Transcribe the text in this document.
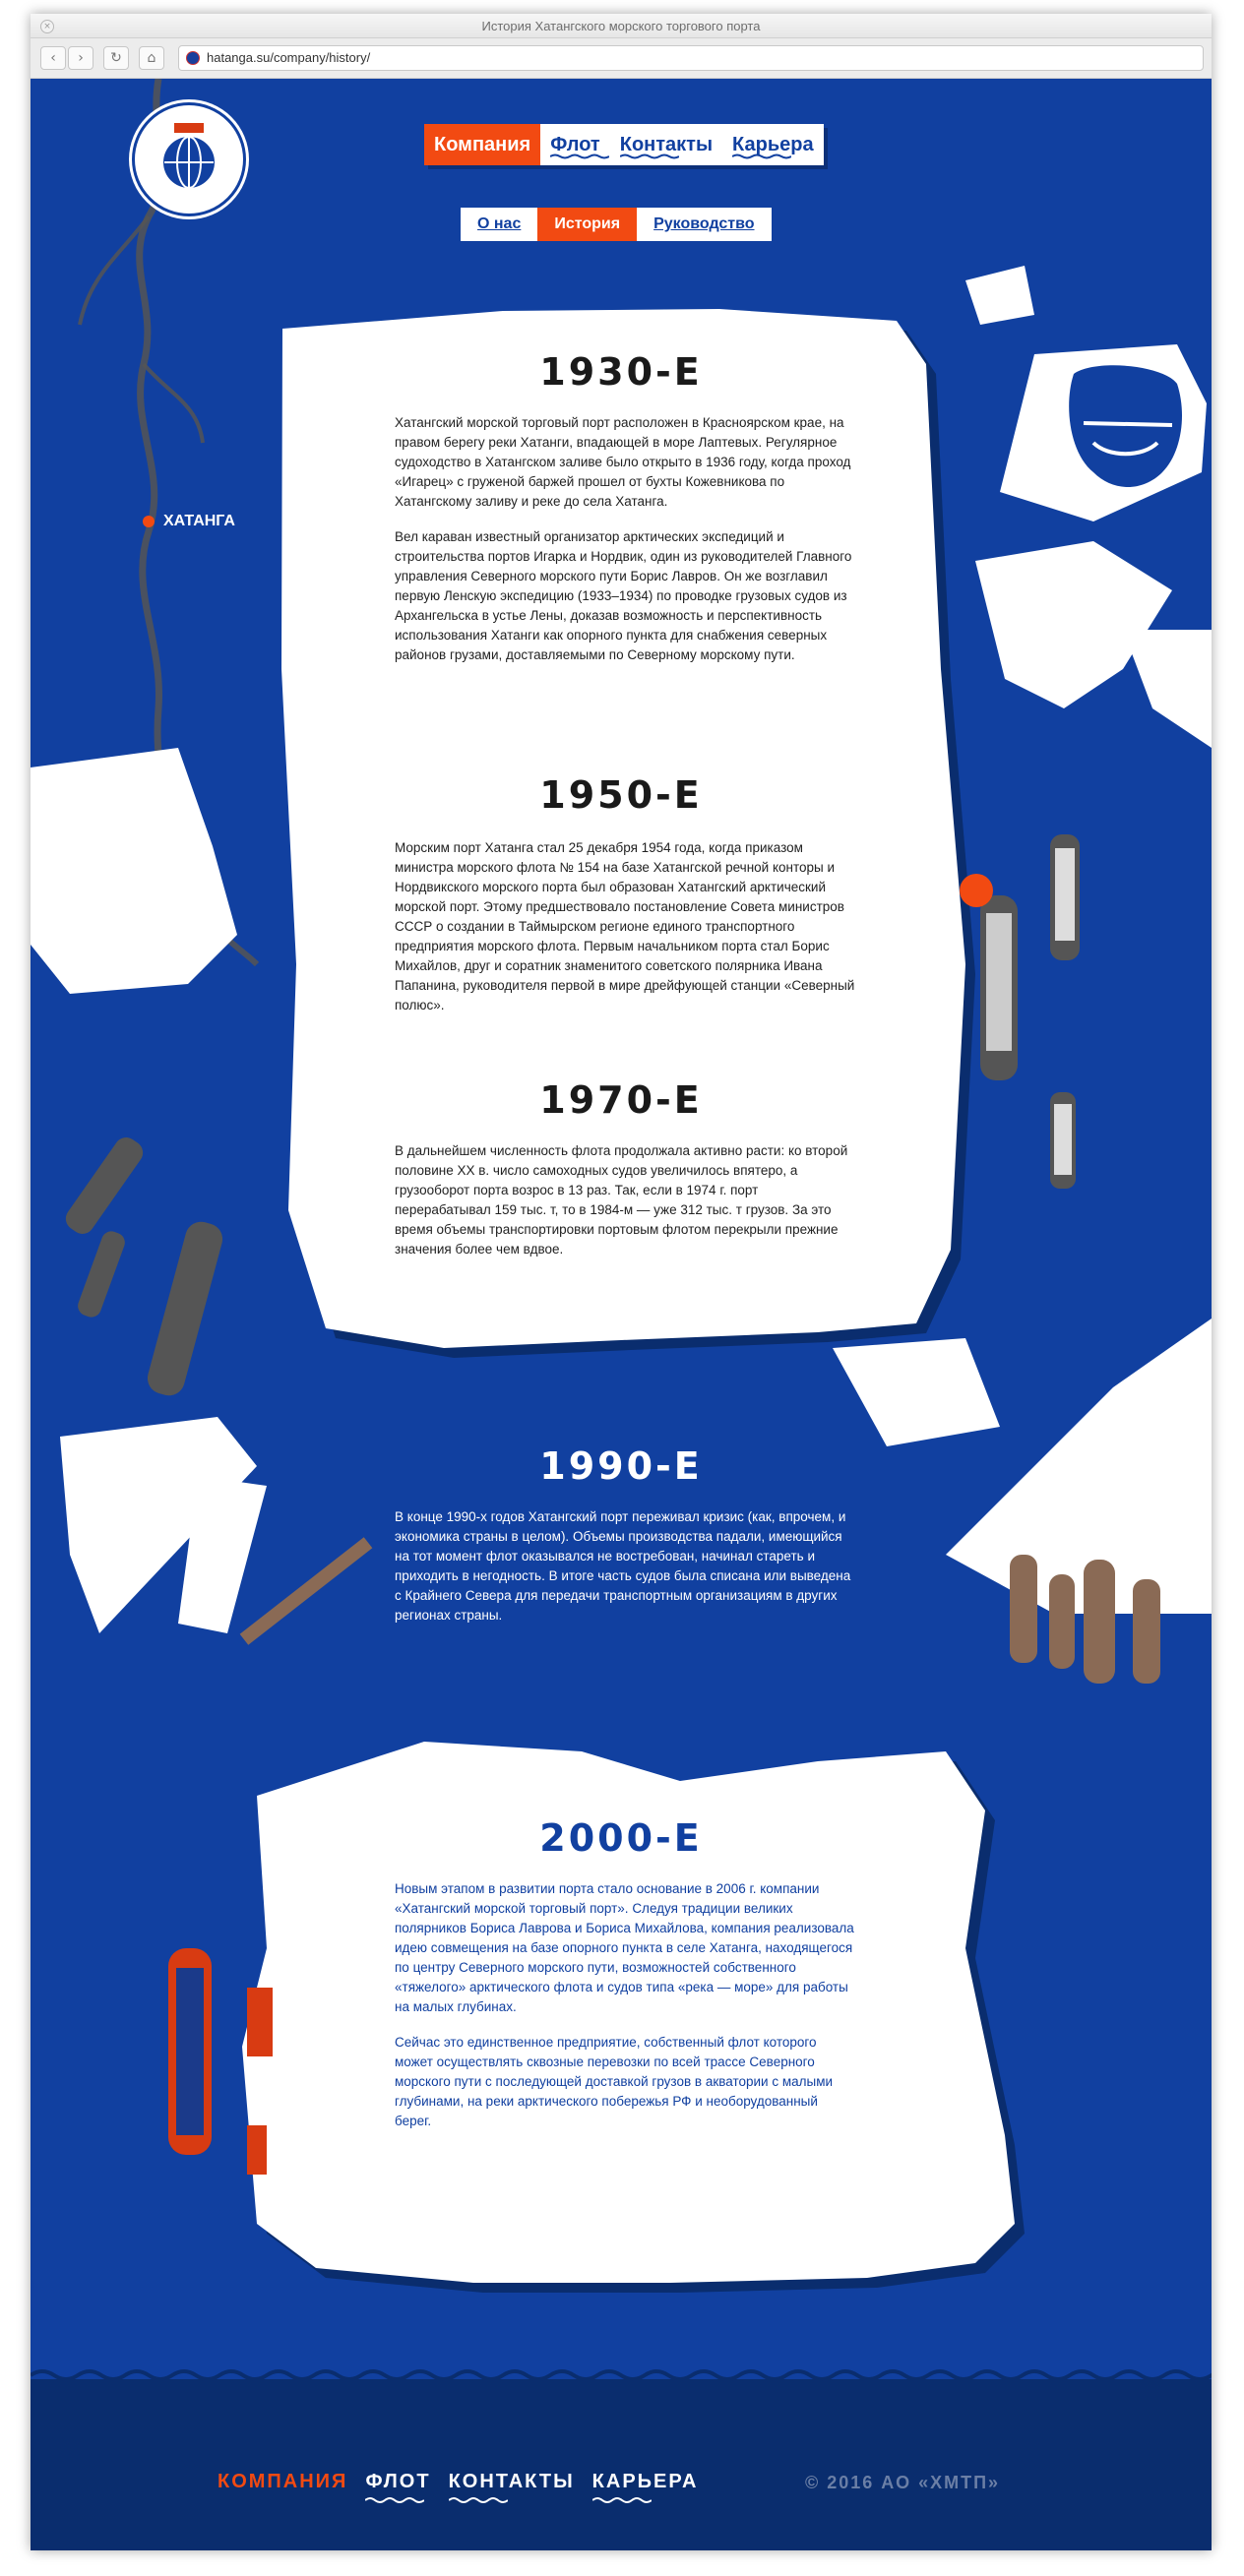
×	История Хатангского морского торгового порта
‹	›	↻	⌂	hatanga.su/company/history/
Компания	Флот	Контакты	Карьера
О нас	История	Руководство
ХАТАНГА
1930-Е

Хатангский морской торговый порт расположен в Красноярском крае, на правом берегу реки Хатанги, впадающей в море Лаптевых. Регулярное судоходство в Хатангском заливе было открыто в 1936 году, когда проход «Игарец» с груженой баржей прошел от бухты Кожевникова по Хатангскому заливу и реке до села Хатанга.

Вел караван известный организатор арктических экспедиций и строительства портов Игарка и Нордвик, один из руководителей Главного управления Северного морского пути Борис Лавров. Он же возглавил первую Ленскую экспедицию (1933–1934) по проводке грузовых судов из Архангельска в устье Лены, доказав возможность и перспективность использования Хатанги как опорного пункта для снабжения северных районов грузами, доставляемыми по Северному морскому пути.

1950-Е

Морским порт Хатанга стал 25 декабря 1954 года, когда приказом министра морского флота № 154 на базе Хатангской речной конторы и Нордвикского морского порта был образован Хатангский арктический морской порт. Этому предшествовало постановление Совета министров СССР о создании в Таймырском регионе единого транспортного предприятия морского флота. Первым начальником порта стал Борис Михайлов, друг и соратник знаменитого советского полярника Ивана Папанина, руководителя первой в мире дрейфующей станции «Северный полюс».

1970-Е

В дальнейшем численность флота продолжала активно расти: ко второй половине XX в. число самоходных судов увеличилось впятеро, а грузооборот порта возрос в 13 раз. Так, если в 1974 г. порт перерабатывал 159 тыс. т, то в 1984-м — уже 312 тыс. т грузов. За это время объемы транспортировки портовым флотом перекрыли прежние значения более чем вдвое.

1990-Е

В конце 1990-х годов Хатангский порт переживал кризис (как, впрочем, и экономика страны в целом). Объемы производства падали, имеющийся на тот момент флот оказывался не востребован, начинал стареть и приходить в негодность. В итоге часть судов была списана или выведена с Крайнего Севера для передачи транспортным организациям в других регионах страны.

2000-Е

Новым этапом в развитии порта стало основание в 2006 г. компании «Хатангский морской торговый порт». Следуя традиции великих полярников Бориса Лаврова и Бориса Михайлова, компания реализовала идею совмещения на базе опорного пункта в селе Хатанга, находящегося по центру Северного морского пути, возможностей собственного «тяжелого» арктического флота и судов типа «река — море» для работы на малых глубинах.

Сейчас это единственное предприятие, собственный флот которого может осуществлять сквозные перевозки по всей трассе Северного морского пути с последующей доставкой грузов в акватории с малыми глубинами, на реки арктического побережья РФ и необорудованный берег.

КОМПАНИЯ ФЛОТ КОНТАКТЫ КАРЬЕРА	© 2016 АО «ХМТП»
